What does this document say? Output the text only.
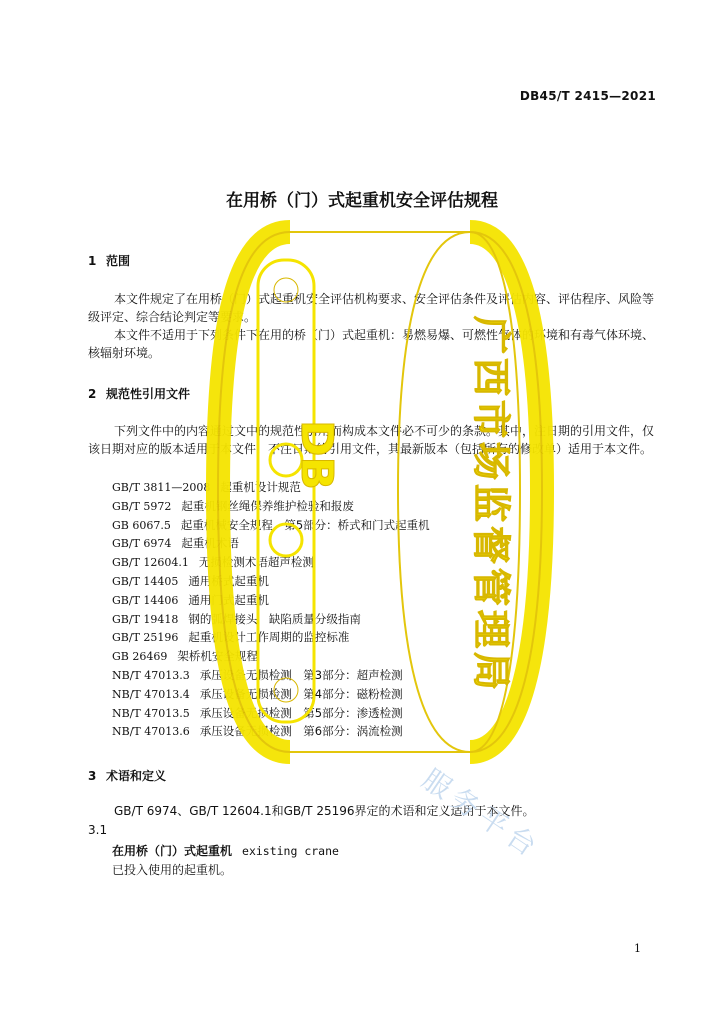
DB45/T 2415—2021
在用桥（门）式起重机安全评估规程
1 范围

本文件规定了在用桥（门）式起重机安全评估机构要求、安全评估条件及评估内容、评估程序、风险等级评定、综合结论判定等要求。

本文件不适用于下列条件下在用的桥（门）式起重机：易燃易爆、可燃性气体的环境和有毒气体环境、核辐射环境。

2 规范性引用文件

下列文件中的内容通过文中的规范性引用而构成本文件必不可少的条款。其中，注日期的引用文件，仅该日期对应的版本适用于本文件；不注日期的引用文件，其最新版本（包括所有的修改单）适用于本文件。

GB/T 3811—2008 起重机设计规范
GB/T 5972 起重机钢丝绳保养维护检验和报废
GB 6067.5 起重机械安全规程　第5部分：桥式和门式起重机
GB/T 6974 起重机术语
GB/T 12604.1 无损检测术语超声检测
GB/T 14405 通用桥式起重机
GB/T 14406 通用门式起重机
GB/T 19418 钢的弧焊接头　缺陷质量分级指南
GB/T 25196 起重机设计工作周期的监控标准
GB 26469 架桥机安全规程
NB/T 47013.3 承压设备无损检测　第3部分：超声检测
NB/T 47013.4 承压设备无损检测　第4部分：磁粉检测
NB/T 47013.5 承压设备无损检测　第5部分：渗透检测
NB/T 47013.6 承压设备无损检测　第6部分：涡流检测
3 术语和定义

GB/T 6974、GB/T 12604.1和GB/T 25196界定的术语和定义适用于本文件。

3.1
在用桥（门）式起重机 existing crane
已投入使用的起重机。
1
DB	广西市场监督管理局
服务平台
